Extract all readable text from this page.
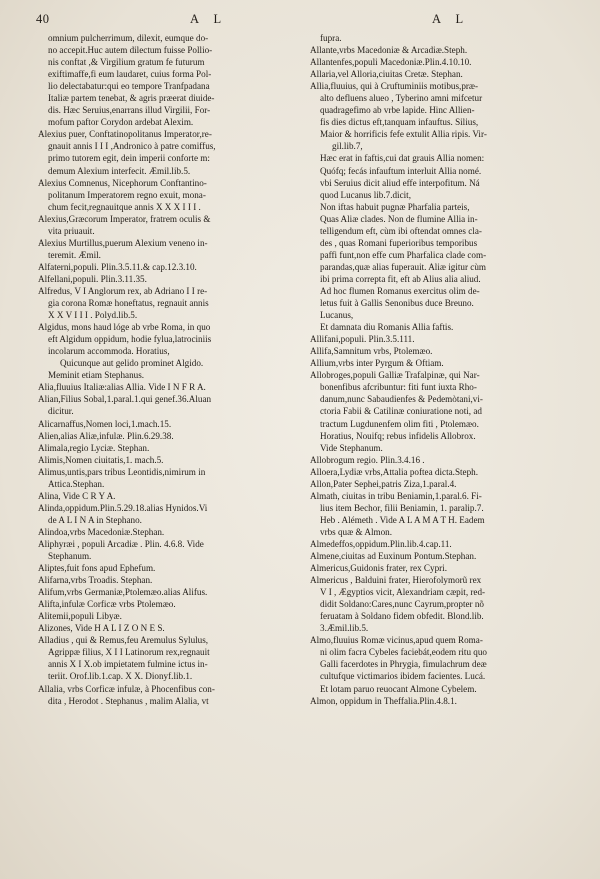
40	A L	A L
omnium pulcherrimum, dilexit, eumque do-
no accepit.Huc autem dilectum fuisse Pollio-
nis conftat ,& Virgilium gratum fe futurum
exiftimaffe,fi eum laudaret, cuius forma Pol-
lio delectabatur:qui eo tempore Tranfpadana
Italiæ partem tenebat, & agris præerat diuide-
dis. Hæc Seruius,enarrans illud Virgilii, For-
mofum paftor Corydon ardebat Alexim.
Alexius puer, Conftatinopolitanus Imperator,re-
gnauit annis I I I ,Andronico à patre comiffus,
primo tutorem egit, dein imperii conforte m:
demum Alexium interfecit. Æmil.lib.5.
Alexius Comnenus, Nicephorum Conftantino-
politanum Imperatorem regno exuit, mona-
chum fecit,regnauitque annis X X X I I I .
Alexius,Græcorum Imperator, fratrem oculis &
vita priuauit.
Alexius Murtillus,puerum Alexium veneno in-
teremit. Æmil.
Alfaterni,populi. Plin.3.5.11.& cap.12.3.10.
Alfellani,populi. Plin.3.11.35.
Alfredus, V I Anglorum rex, ab Adriano I I re-
gia corona Romæ honeftatus, regnauit annis
X X V I I I . Polyd.lib.5.
Algidus, mons haud lóge ab vrbe Roma, in quo
eft Algidum oppidum, hodie fylua,latrociniis
incolarum accommoda. Horatius,
Quicunque aut gelido prominet Algido.
Meminit etiam Stephanus.
Alia,fluuius Italiæ:alias Allia. Vide I N F R A.
Alian,Filius Sobal,1.paral.1.qui genef.36.Aluan
dicitur.
Alicarnaffus,Nomen loci,1.mach.15.
Alien,alias Aliæ,infulæ. Plin.6.29.38.
Alimala,regio Lyciæ. Stephan.
Alimis,Nomen ciuitatis,1. mach.5.
Alimus,untis,pars tribus Leontidis,nimirum in
Attica.Stephan.
Alina, Vide C R Y A.
Alinda,oppidum.Plin.5.29.18.alias Hynidos.Vi
de A L I N A in Stephano.
Alindoa,vrbs Macedoniæ.Stephan.
Aliphyræi , populi Arcadiæ . Plin. 4.6.8. Vide
Stephanum.
Aliptes,fuit fons apud Ephefum.
Alifarna,vrbs Troadis. Stephan.
Alifum,vrbs Germaniæ,Ptolemæo.alias Alifus.
Alifta,infulæ Corficæ vrbs Ptolemæo.
Alitemii,populi Libyæ.
Alizones, Vide H A L I Z O N E S.
Alladius , qui & Remus,feu Aremulus Sylulus,
Agrippæ filius, X I I Latinorum rex,regnauit
annis X I X.ob impietatem fulmine ictus in-
teriit. Orof.lib.1.cap. X X. Dionyf.lib.1.
Allalia, vrbs Corficæ infulæ, à Phocenfibus con-
dita , Herodot . Stephanus , malim Alalia, vt
fupra.
Allante,vrbs Macedoniæ & Arcadiæ.Steph.
Allantenfes,populi Macedoniæ.Plin.4.10.10.
Allaria,vel Alloria,ciuitas Cretæ. Stephan.
Allia,fluuius, qui à Cruftuminiis motibus,præ-
alto defluens alueo , Tyberino amni mifcetur
quadragefimo ab vrbe lapide. Hinc Allien-
fis dies dictus eft,tanquam infauftus. Silius,
Maior & horrificis fefe extulit Allia ripis. Vir-
gil.lib.7,
Hæc erat in faftis,cui dat grauis Allia nomen:
Quófq; fecás infauftum interluit Allia nomé.
vbi Seruius dicit aliud effe interpofitum. Ná
quod Lucanus lib.7.dicit,
Non iftas habuit pugnæ Pharfalia parteis,
Quas Aliæ clades. Non de flumine Allia in-
telligendum eft, cùm ibi oftendat omnes cla-
des , quas Romani fuperioribus temporibus
paffi funt,non effe cum Pharfalica clade com-
parandas,quæ alias fuperauit. Aliæ igitur cùm
ibi prima correpta fit, eft ab Alius alia aliud.
Ad hoc flumen Romanus exercitus olim de-
letus fuit à Gallis Senonibus duce Breuno.
Lucanus,
Et damnata diu Romanis Allia faftis.
Allifani,populi. Plin.3.5.111.
Allifa,Samnitum vrbs, Ptolemæo.
Allium,vrbs inter Pyrgum & Oftiam.
Allobroges,populi Galliæ Trafalpinæ, qui Nar-
bonenfibus afcribuntur: fiti funt iuxta Rho-
danum,nunc Sabaudienfes & Pedemòtani,vi-
ctoria Fabii & Catilinæ coniuratione noti, ad
tractum Lugdunenfem olim fiti , Ptolemæo.
Horatius, Nouifq; rebus infidelis Allobrox.
Vide Stephanum.
Allobrogum regio. Plin.3.4.16 .
Alloera,Lydiæ vrbs,Attalia poftea dicta.Steph.
Allon,Pater Sephei,patris Ziza,1.paral.4.
Almath, ciuitas in tribu Beniamin,1.paral.6. Fi-
lius item Bechor, filii Beniamin, 1. paralip.7.
Heb . Alémeth . Vide A L A M A T H. Eadem
vrbs quæ & Almon.
Almedeffos,oppidum.Plin.lib.4.cap.11.
Almene,ciuitas ad Euxinum Pontum.Stephan.
Almericus,Guidonis frater, rex Cypri.
Almericus , Balduini frater, Hierofolymorũ rex
V I , Ægyptios vicit, Alexandriam cæpit, red-
didit Soldano:Cares,nunc Cayrum,propter nõ
feruatam à Soldano fidem obfedit. Blond.lib.
3.Æmil.lib.5.
Almo,fluuius Romæ vicinus,apud quem Roma-
ni olim facra Cybeles faciebát,eodem ritu quo
Galli facerdotes in Phrygia, fimulachrum deæ
cultufque victimarios ibidem facientes. Lucá.
Et lotam paruo reuocant Almone Cybelem.
Almon, oppidum in Theffalia.Plin.4.8.1.
